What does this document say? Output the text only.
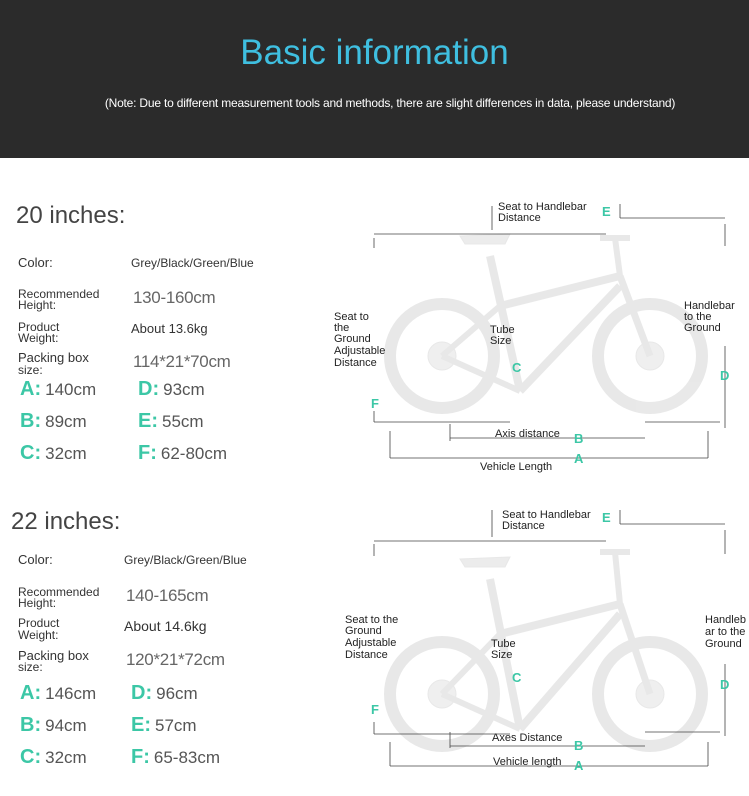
Basic information
(Note: Due to different measurement tools and methods, there are slight differences in data, please understand)
20 inches:
Color:	Grey/Black/Green/Blue
Recommended
Height:	130-160cm
Product
Weight:
About 13.6kg
Packing box
size:	114*21*70cm
A: 140cm D: 93cm
B: 89cm	E: 55cm
C: 32cm	F: 62-80cm
Seat to Handlebar
Distance	E
Seat to
the
Ground
Adjustable
Distance
F
Handlebar
to the
Ground
D
Tube
Size
C
Axis distance B
Vehicle Length
A
22 inches:
Color:	Grey/Black/Green/Blue
Recommended
Height:	140-165cm
Product
Weight:
About 14.6kg
Packing box
size:	120*21*72cm
A: 146cm D: 96cm
B: 94cm E: 57cm
C: 32cm F: 65-83cm
Seat to Handlebar
Distance
E
Seat to the
Ground
Adjustable
Distance
F
Handleb
ar to the
Ground
D
Tube
Size
C
Axes Distance B
Vehicle length A
